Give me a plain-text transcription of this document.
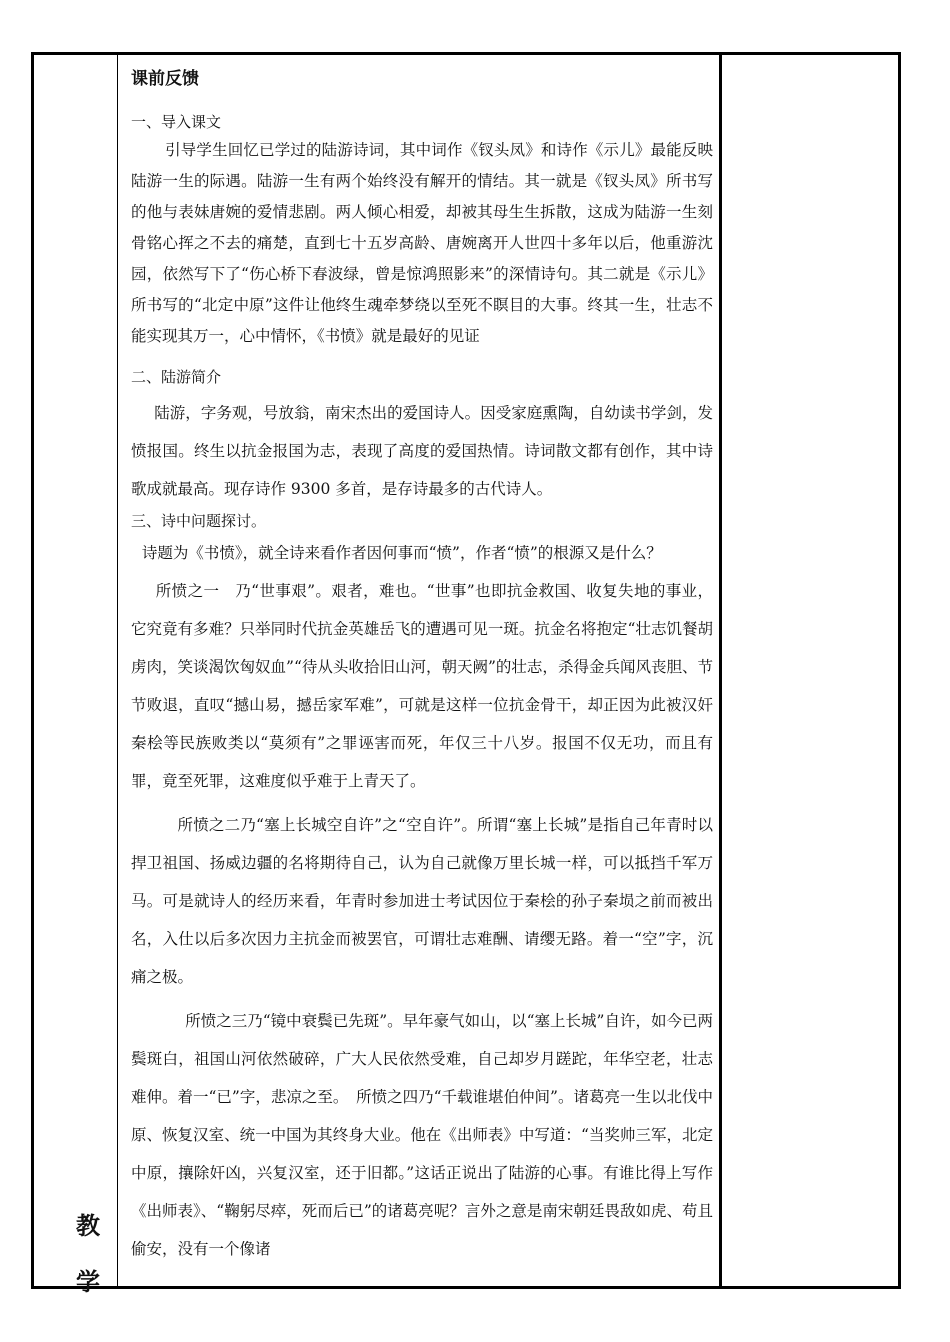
教
学
课前反馈
一、导入课文

引导学生回忆已学过的陆游诗词，其中词作《钗头凤》和诗作《示儿》最能反映陆游一生的际遇。陆游一生有两个始终没有解开的情结。其一就是《钗头凤》所书写的他与表妹唐婉的爱情悲剧。两人倾心相爱，却被其母生生拆散，这成为陆游一生刻骨铭心挥之不去的痛楚，直到七十五岁高龄、唐婉离开人世四十多年以后，他重游沈园，依然写下了“伤心桥下春波绿，曾是惊鸿照影来”的深情诗句。其二就是《示儿》所书写的“北定中原”这件让他终生魂牵梦绕以至死不瞑目的大事。终其一生，壮志不能实现其万一，心中情怀，《书愤》就是最好的见证

二、陆游简介

陆游，字务观，号放翁，南宋杰出的爱国诗人。因受家庭熏陶，自幼读书学剑，发愤报国。终生以抗金报国为志，表现了高度的爱国热情。诗词散文都有创作，其中诗歌成就最高。现存诗作 9300 多首，是存诗最多的古代诗人。

三、诗中问题探讨。

诗题为《书愤》，就全诗来看作者因何事而“愤”，作者“愤”的根源又是什么？

所愤之一　乃“世事艰”。艰者，难也。“世事”也即抗金救国、收复失地的事业，它究竟有多难？只举同时代抗金英雄岳飞的遭遇可见一斑。抗金名将抱定“壮志饥餐胡虏肉，笑谈渴饮匈奴血”“待从头收拾旧山河，朝天阙”的壮志，杀得金兵闻风丧胆、节节败退，直叹“撼山易，撼岳家军难”，可就是这样一位抗金骨干，却正因为此被汉奸秦桧等民族败类以“莫须有”之罪诬害而死，年仅三十八岁。报国不仅无功，而且有罪，竟至死罪，这难度似乎难于上青天了。

所愤之二乃“塞上长城空自许”之“空自许”。所谓“塞上长城”是指自己年青时以捍卫祖国、扬威边疆的名将期待自己，认为自己就像万里长城一样，可以抵挡千军万马。可是就诗人的经历来看，年青时参加进士考试因位于秦桧的孙子秦埙之前而被出名，入仕以后多次因力主抗金而被罢官，可谓壮志难酬、请缨无路。着一“空”字，沉痛之极。

所愤之三乃“镜中衰鬓已先斑”。早年豪气如山，以“塞上长城”自许，如今已两鬓斑白，祖国山河依然破碎，广大人民依然受难，自己却岁月蹉跎，年华空老，壮志难伸。着一“已”字，悲凉之至。　所愤之四乃“千载谁堪伯仲间”。诸葛亮一生以北伐中原、恢复汉室、统一中国为其终身大业。他在《出师表》中写道：“当奖帅三军，北定中原，攘除奸凶，兴复汉室，还于旧都。”这话正说出了陆游的心事。有谁比得上写作《出师表》、“鞠躬尽瘁，死而后已”的诸葛亮呢？言外之意是南宋朝廷畏敌如虎、苟且偷安，没有一个像诸
